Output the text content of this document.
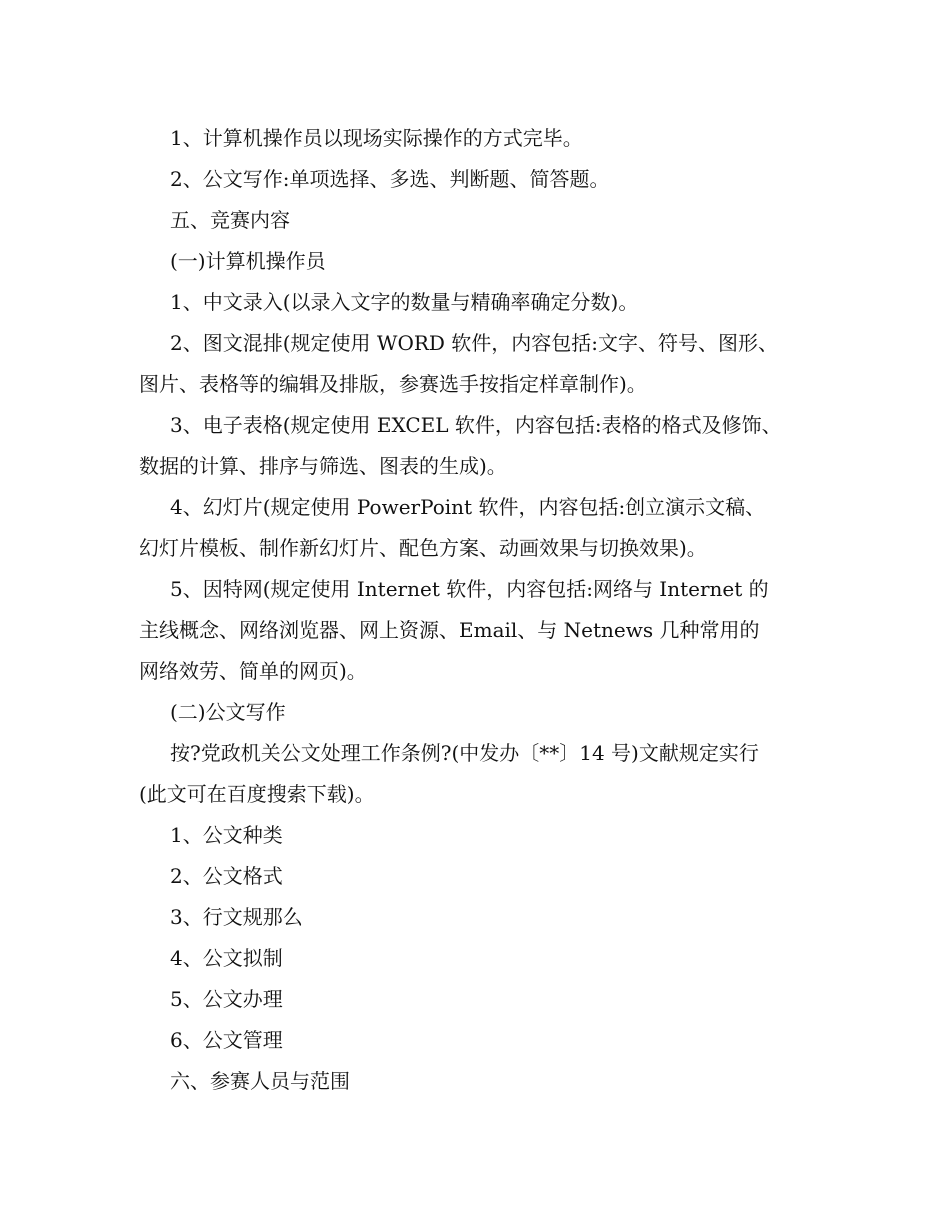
1、计算机操作员以现场实际操作的方式完毕。
2、公文写作:单项选择、多选、判断题、简答题。
五、竞赛内容
(一)计算机操作员
1、中文录入(以录入文字的数量与精确率确定分数)。
2、图文混排(规定使用 WORD 软件，内容包括:文字、符号、图形、
图片、表格等的编辑及排版，参赛选手按指定样章制作)。
3、电子表格(规定使用 EXCEL 软件，内容包括:表格的格式及修饰、
数据的计算、排序与筛选、图表的生成)。
4、幻灯片(规定使用 PowerPoint 软件，内容包括:创立演示文稿、
幻灯片模板、制作新幻灯片、配色方案、动画效果与切换效果)。
5、因特网(规定使用 Internet 软件，内容包括:网络与 Internet 的
主线概念、网络浏览器、网上资源、Email、与 Netnews 几种常用的
网络效劳、简单的网页)。
(二)公文写作
按?党政机关公文处理工作条例?(中发办〔**〕14 号)文献规定实行
(此文可在百度搜索下载)。
1、公文种类
2、公文格式
3、行文规那么
4、公文拟制
5、公文办理
6、公文管理
六、参赛人员与范围
